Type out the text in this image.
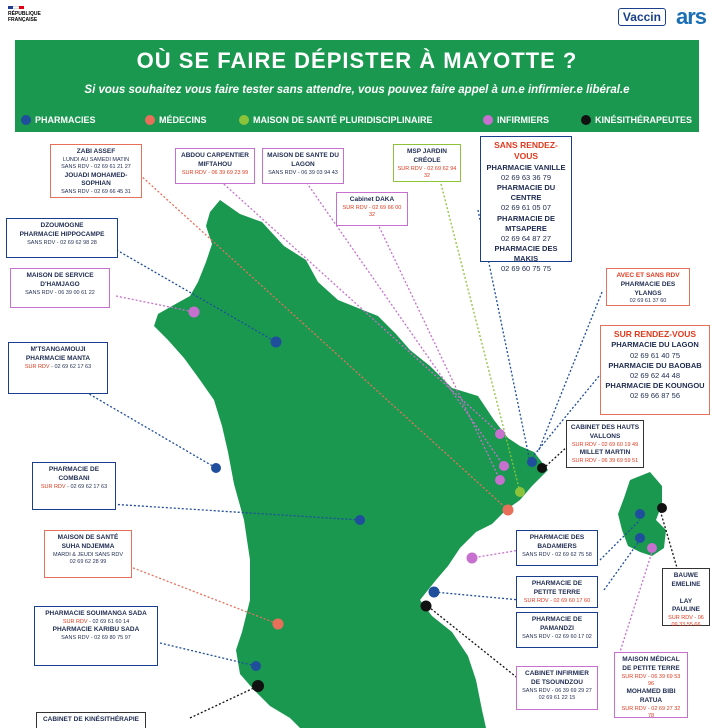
RÉPUBLIQUE
FRANÇAISE	Vaccin ars
OÙ SE FAIRE DÉPISTER À MAYOTTE ?
Si vous souhaitez vous faire tester sans attendre, vous pouvez faire appel à un.e infirmier.e libéral.e
PHARMACIES	MÉDECINS	MAISON DE SANTÉ PLURIDISCIPLINAIRE	INFIRMIERS	KINÉSITHÉRAPEUTES
ZABI ASSEF
LUNDI AU SAMEDI MATIN
SANS RDV - 02 69 61 21 27
JOUADI MOHAMED-SOPHIAN
SANS RDV - 02 69 66 45 31
ABDOU CARPENTIER MIFTAHOU
SUR RDV - 06 39 69 23 99
MAISON DE SANTE DU LAGON
SANS RDV - 06 39 03 94 43
MSP JARDIN CRÉOLE
SUR RDV - 02 69 62 94 32
Cabinet DAKA
SUR RDV - 02 69 66 00 32
SANS RENDEZ-VOUS
PHARMACIE VANILLE
02 69 63 36 79
PHARMACIE DU CENTRE
02 69 61 05 07
PHARMACIE DE MTSAPERE
02 69 64 87 27
PHARMACIE DES MAKIS
02 69 60 75 75
DZOUMOGNE
PHARMACIE HIPPOCAMPE
SANS RDV - 02 69 62 98 28
MAISON DE SERVICE D'HAMJAGO
SANS RDV - 06 39 00 61 22
AVEC ET SANS RDV
PHARMACIE DES YLANGS
02 69 61 37 60
SUR RENDEZ-VOUS
PHARMACIE DU LAGON
02 69 61 40 75
PHARMACIE DU BAOBAB
02 69 62 44 48
PHARMACIE DE KOUNGOU
02 69 66 87 56
M'TSANGAMOUJI
PHARMACIE MANTA
SUR RDV - 02 69 62 17 63
CABINET DES HAUTS VALLONS
SUR RDV - 02 69 60 19 49
MILLET MARTIN
SUR RDV - 06 39 69 59 51
PHARMACIE DE COMBANI
SUR RDV - 02 69 62 17 63
MAISON DE SANTÉ SUHA NDJEMMA
MARDI & JEUDI SANS RDV
02 69 62 28 99
PHARMACIE DES BADAMIERS
SANS RDV - 02 69 62 75 58
PHARMACIE DE PETITE TERRE
SUR RDV - 02 69 60 17 60
PHARMACIE DE PAMANDZI
SANS RDV - 02 69 60 17 02
BAUWE EMELINE
LAY PAULINE
SUR RDV - 06 09 33 55 66
PHARMACIE SOUIMANGA SADA
SUR RDV - 02 69 61 60 14
PHARMACIE KARIBU SADA
SANS RDV - 02 69 80 75 97
CABINET INFIRMIER DE TSOUNDZOU
SANS RDV - 06 39 69 29 27
02 69 61 22 15
MAISON MÉDICAL DE PETITE TERRE
SUR RDV - 06 39 69 53 96
MOHAMED BIBI RATUA
SUR RDV - 02 69 27 32 78
CABINET DE KINÉSITHÉRAPIE
